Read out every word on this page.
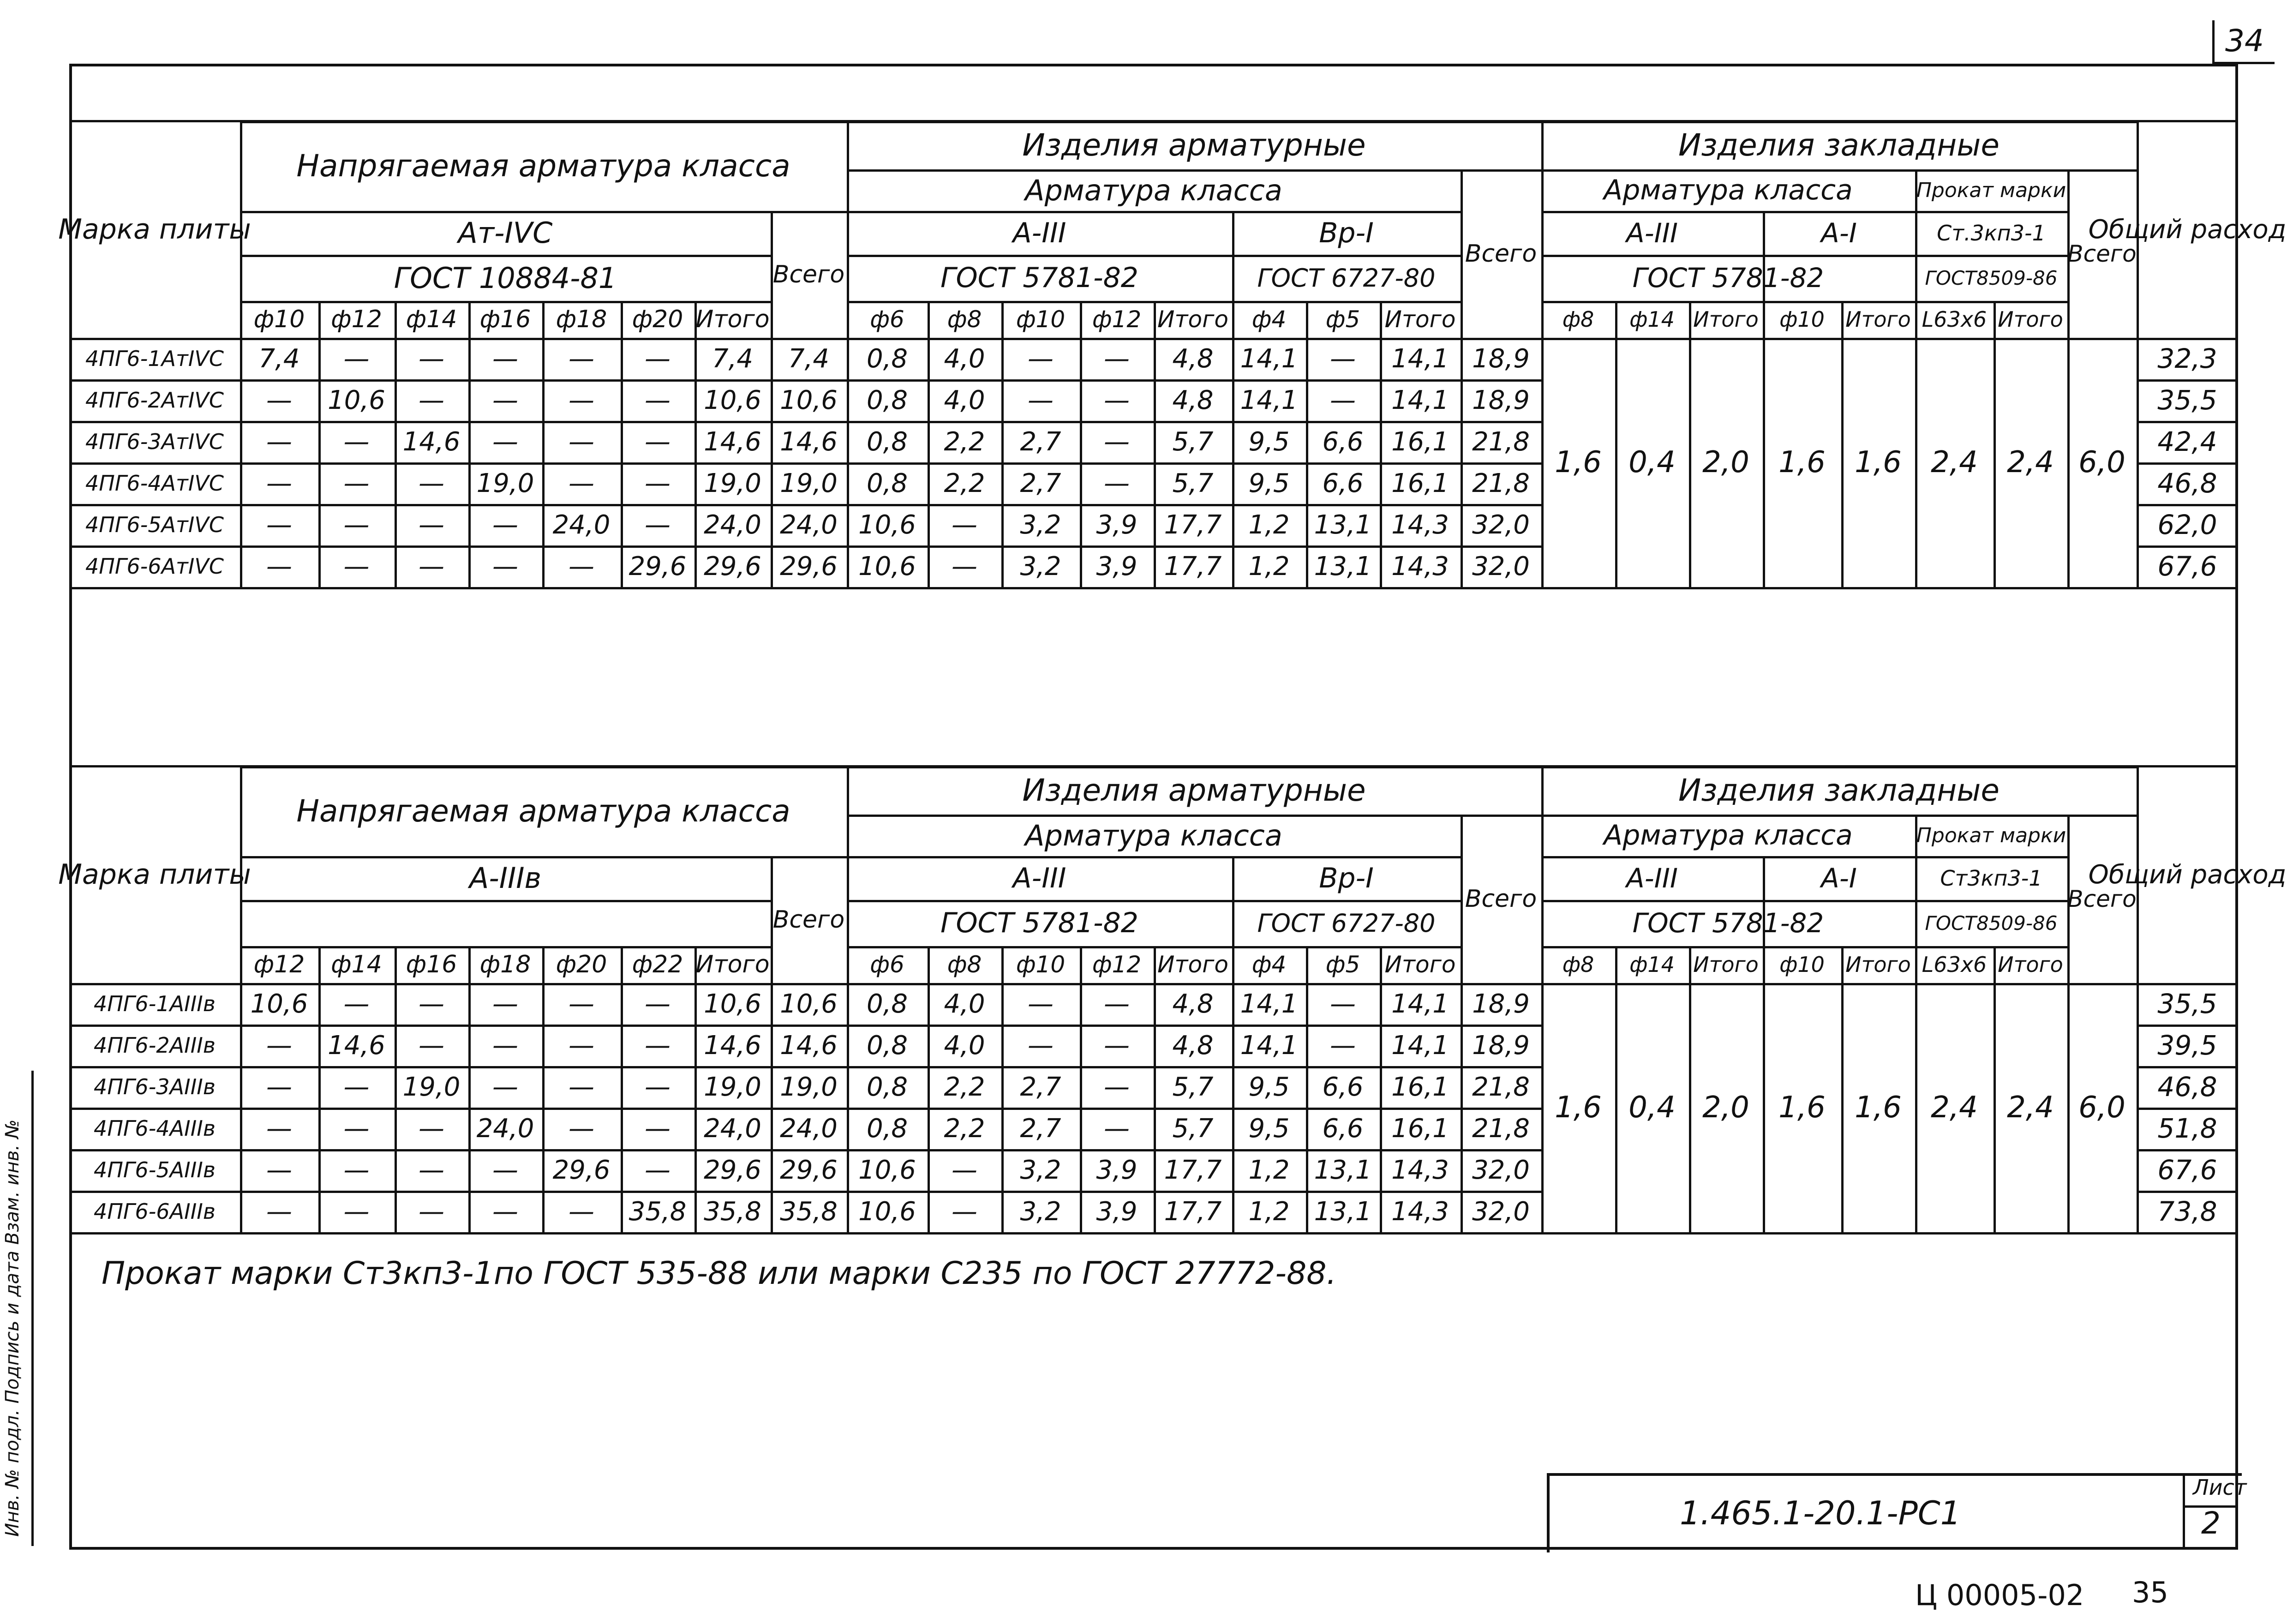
34
Прокат марки Ст3кп3-1по ГОСТ 535-88 или марки С235 по ГОСТ 27772-88.
Инв. № подл. Подпись и дата Взам. инв. №	1.465.1-20.1-РС1
Лист
2
Ц 00005-02 35
Марка плиты
Напрягаемая арматура класса
Ат-IVC
ГОСТ 10884-81	Всего
Изделия арматурные
Арматура класса
А-III	Вр-I
ГОСТ 5781-82	ГОСТ 6727-80
Всего
Изделия закладные
Арматура класса	Прокат марки
А-III	А-I	Ст.3кп3-1
ГОСТ 5781-82	ГОСТ8509-86
Всего
Общий расход
ф10	ф12 ф14 ф16	ф18	ф20 Итого	ф6	ф8	ф10	ф12 Итого	ф4	ф5	Итого	ф8	ф14 Итого ф10 Итого L63х6 Итого
4ПГ6-1АтIVC	7,4	—	—	—	—	—	7,4	7,4	0,8	4,0	—	—	4,8	14,1	—	14,1 18,9	32,3
4ПГ6-2АтIVC	—	10,6	—	—	—	—	10,6 10,6	0,8	4,0	—	—	4,8	14,1	—	14,1 18,9	35,5
4ПГ6-3АтIVC	—	—	14,6	—	—	—	14,6 14,6	0,8	2,2	2,7	—	5,7	9,5	6,6	16,1 21,8	42,4
4ПГ6-4АтIVC	—	—	—	19,0	—	—	19,0 19,0	0,8	2,2	2,7	—	5,7	9,5	6,6	16,1 21,8	46,8
4ПГ6-5АтIVC	—	—	—	—	24,0	—	24,0 24,0 10,6	—	3,2	3,9	17,7	1,2 13,1 14,3 32,0	62,0
4ПГ6-6АтIVC	—	—	—	—	—	29,6 29,6 29,6 10,6	—	3,2	3,9	17,7	1,2 13,1 14,3 32,0	67,6
1,6 0,4 2,0 1,6 1,6 2,4 2,4 6,0
Марка плиты
Напрягаемая арматура класса
А-IIIв
Всего
Изделия арматурные
Арматура класса
А-III	Вр-I
ГОСТ 5781-82	ГОСТ 6727-80
Всего
Изделия закладные
Арматура класса	Прокат марки
А-III	А-I	Ст3кп3-1
ГОСТ 5781-82	ГОСТ8509-86
Всего
Общий расход
ф12	ф14 ф16 ф18	ф20	ф22 Итого	ф6	ф8	ф10	ф12 Итого	ф4	ф5	Итого	ф8	ф14 Итого ф10 Итого L63х6 Итого
4ПГ6-1АIIIв	10,6	—	—	—	—	—	10,6 10,6	0,8	4,0	—	—	4,8	14,1	—	14,1 18,9	35,5
4ПГ6-2АIIIв	—	14,6	—	—	—	—	14,6 14,6	0,8	4,0	—	—	4,8	14,1	—	14,1 18,9	39,5
4ПГ6-3АIIIв	—	—	19,0	—	—	—	19,0 19,0	0,8	2,2	2,7	—	5,7	9,5	6,6	16,1 21,8	46,8
4ПГ6-4АIIIв	—	—	—	24,0	—	—	24,0 24,0	0,8	2,2	2,7	—	5,7	9,5	6,6	16,1 21,8	51,8
4ПГ6-5АIIIв	—	—	—	—	29,6	—	29,6 29,6 10,6	—	3,2	3,9	17,7	1,2 13,1 14,3 32,0	67,6
4ПГ6-6АIIIв	—	—	—	—	—	35,8 35,8 35,8 10,6	—	3,2	3,9	17,7	1,2 13,1 14,3 32,0	73,8
1,6 0,4 2,0 1,6 1,6 2,4 2,4 6,0
